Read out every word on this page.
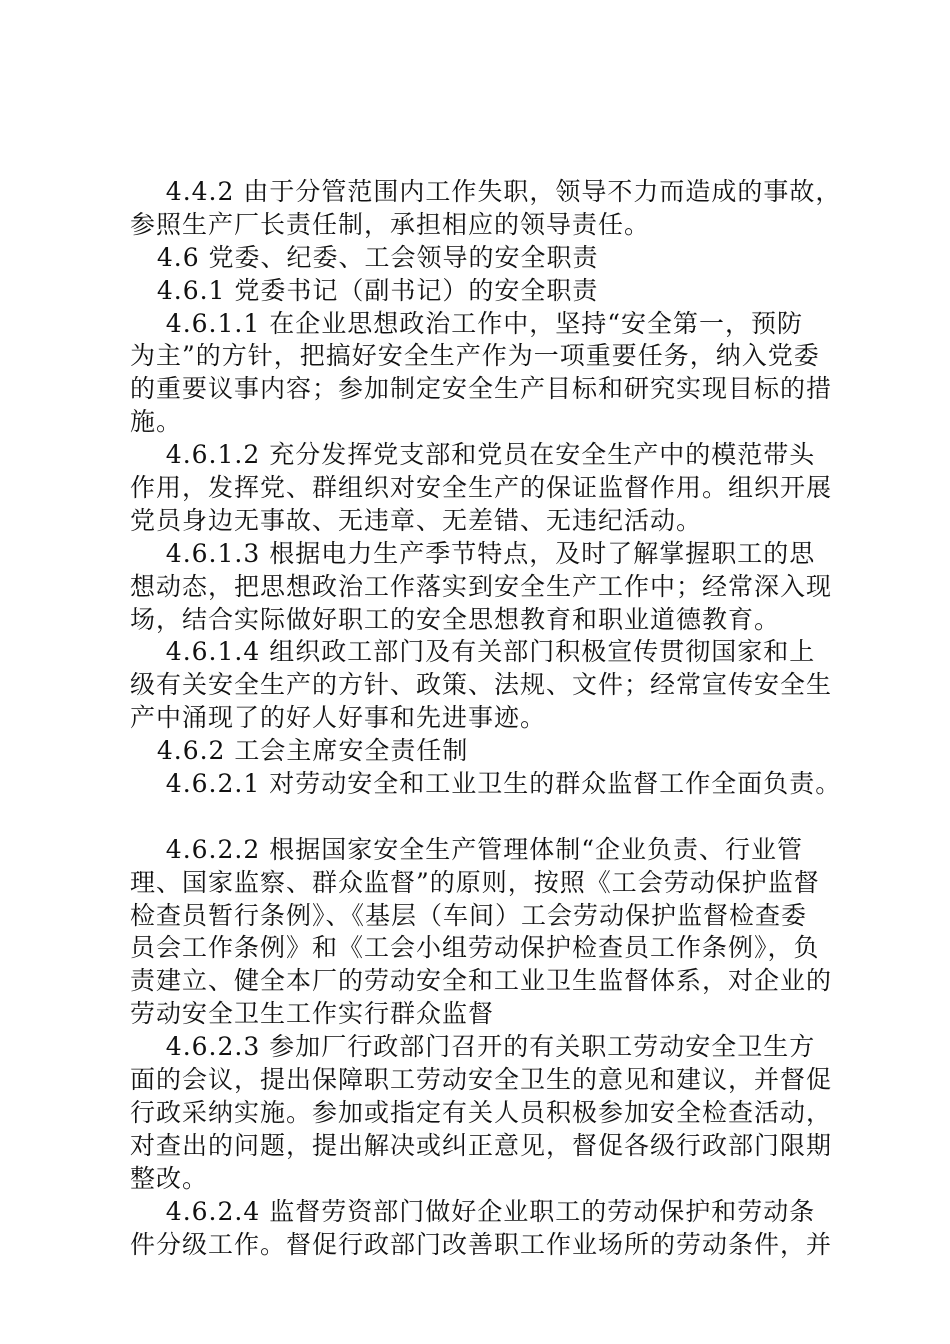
4.4.2 由于分管范围内工作失职，领导不力而造成的事故，
参照生产厂长责任制，承担相应的领导责任。
4.6 党委、纪委、工会领导的安全职责
4.6.1 党委书记（副书记）的安全职责
4.6.1.1 在企业思想政治工作中，坚持“安全第一，预防
为主”的方针，把搞好安全生产作为一项重要任务，纳入党委
的重要议事内容；参加制定安全生产目标和研究实现目标的措
施。
4.6.1.2 充分发挥党支部和党员在安全生产中的模范带头
作用，发挥党、群组织对安全生产的保证监督作用。组织开展
党员身边无事故、无违章、无差错、无违纪活动。
4.6.1.3 根据电力生产季节特点，及时了解掌握职工的思
想动态，把思想政治工作落实到安全生产工作中；经常深入现
场，结合实际做好职工的安全思想教育和职业道德教育。
4.6.1.4 组织政工部门及有关部门积极宣传贯彻国家和上
级有关安全生产的方针、政策、法规、文件；经常宣传安全生
产中涌现了的好人好事和先进事迹。
4.6.2 工会主席安全责任制
4.6.2.1 对劳动安全和工业卫生的群众监督工作全面负责。
4.6.2.2 根据国家安全生产管理体制“企业负责、行业管
理、国家监察、群众监督”的原则，按照《工会劳动保护监督
检查员暂行条例》、《基层（车间）工会劳动保护监督检查委
员会工作条例》和《工会小组劳动保护检查员工作条例》，负
责建立、健全本厂的劳动安全和工业卫生监督体系，对企业的
劳动安全卫生工作实行群众监督
4.6.2.3 参加厂行政部门召开的有关职工劳动安全卫生方
面的会议，提出保障职工劳动安全卫生的意见和建议，并督促
行政采纳实施。参加或指定有关人员积极参加安全检查活动，
对查出的问题，提出解决或纠正意见，督促各级行政部门限期
整改。
4.6.2.4 监督劳资部门做好企业职工的劳动保护和劳动条
件分级工作。督促行政部门改善职工作业场所的劳动条件，并
